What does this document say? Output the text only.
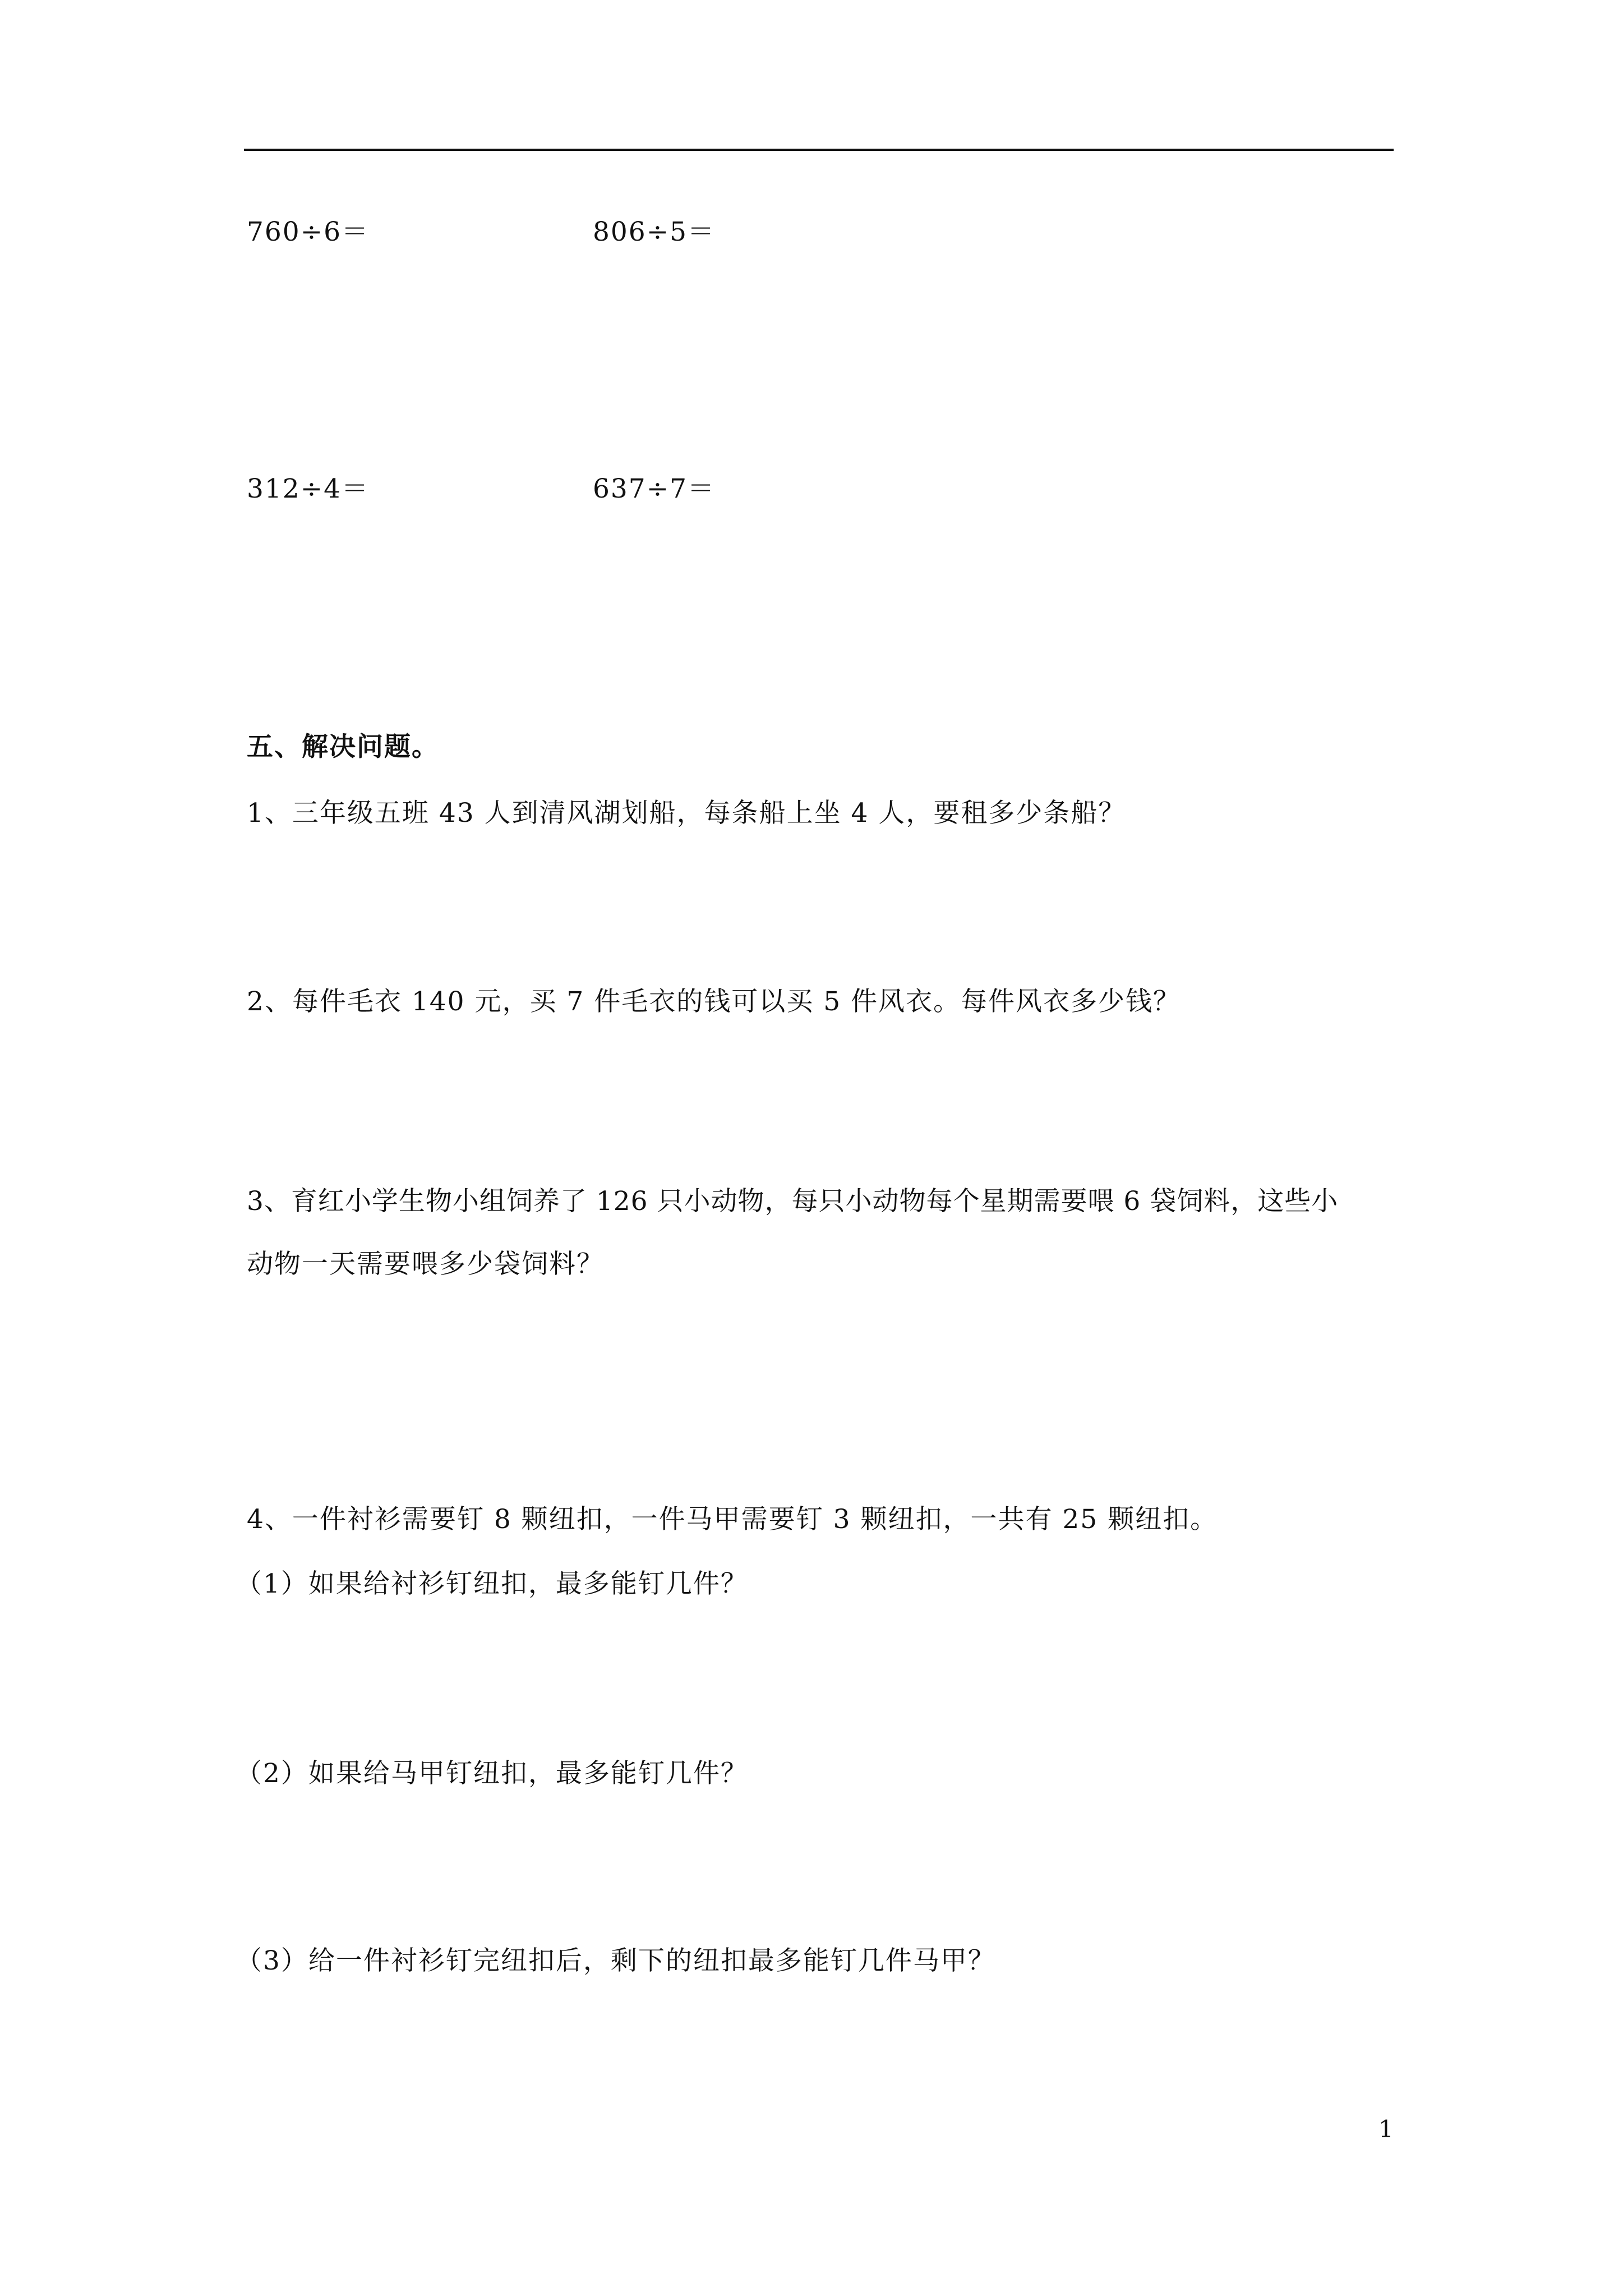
760÷6＝	806÷5＝
312÷4＝	637÷7＝
五、解决问题。
1、三年级五班 43 人到清风湖划船，每条船上坐 4 人，要租多少条船？
2、每件毛衣 140 元，买 7 件毛衣的钱可以买 5 件风衣。每件风衣多少钱？
3、育红小学生物小组饲养了 126 只小动物，每只小动物每个星期需要喂 6 袋饲料，这些小
动物一天需要喂多少袋饲料？
4、一件衬衫需要钉 8 颗纽扣，一件马甲需要钉 3 颗纽扣，一共有 25 颗纽扣。
（1）如果给衬衫钉纽扣，最多能钉几件？
（2）如果给马甲钉纽扣，最多能钉几件？
（3）给一件衬衫钉完纽扣后，剩下的纽扣最多能钉几件马甲？
1
